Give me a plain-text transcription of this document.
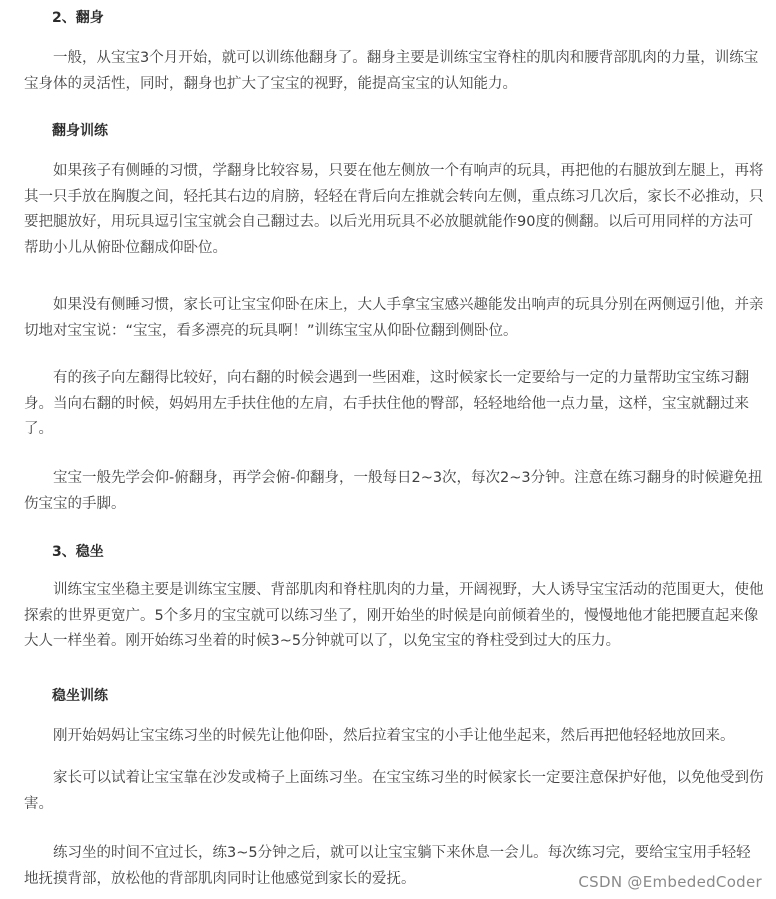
2、翻身

一般，从宝宝3个月开始，就可以训练他翻身了。翻身主要是训练宝宝脊柱的肌肉和腰背部肌肉的力量，训练宝宝身体的灵活性，同时，翻身也扩大了宝宝的视野，能提高宝宝的认知能力。

翻身训练

如果孩子有侧睡的习惯，学翻身比较容易，只要在他左侧放一个有响声的玩具，再把他的右腿放到左腿上，再将其一只手放在胸腹之间，轻托其右边的肩膀，轻轻在背后向左推就会转向左侧，重点练习几次后，家长不必推动，只要把腿放好，用玩具逗引宝宝就会自己翻过去。以后光用玩具不必放腿就能作90度的侧翻。以后可用同样的方法可帮助小儿从俯卧位翻成仰卧位。

如果没有侧睡习惯，家长可让宝宝仰卧在床上，大人手拿宝宝感兴趣能发出响声的玩具分别在两侧逗引他，并亲切地对宝宝说：“宝宝，看多漂亮的玩具啊！”训练宝宝从仰卧位翻到侧卧位。

有的孩子向左翻得比较好，向右翻的时候会遇到一些困难，这时候家长一定要给与一定的力量帮助宝宝练习翻身。当向右翻的时候，妈妈用左手扶住他的左肩，右手扶住他的臀部，轻轻地给他一点力量，这样，宝宝就翻过来了。

宝宝一般先学会仰-俯翻身，再学会俯-仰翻身，一般每日2~3次，每次2~3分钟。注意在练习翻身的时候避免扭伤宝宝的手脚。

3、稳坐

训练宝宝坐稳主要是训练宝宝腰、背部肌肉和脊柱肌肉的力量，开阔视野，大人诱导宝宝活动的范围更大，使他探索的世界更宽广。5个多月的宝宝就可以练习坐了，刚开始坐的时候是向前倾着坐的，慢慢地他才能把腰直起来像大人一样坐着。刚开始练习坐着的时候3~5分钟就可以了，以免宝宝的脊柱受到过大的压力。

稳坐训练

刚开始妈妈让宝宝练习坐的时候先让他仰卧，然后拉着宝宝的小手让他坐起来，然后再把他轻轻地放回来。

家长可以试着让宝宝靠在沙发或椅子上面练习坐。在宝宝练习坐的时候家长一定要注意保护好他，以免他受到伤害。

练习坐的时间不宜过长，练3~5分钟之后，就可以让宝宝躺下来休息一会儿。每次练习完，要给宝宝用手轻轻地抚摸背部，放松他的背部肌肉同时让他感觉到家长的爱抚。	CSDN @EmbededCoder
